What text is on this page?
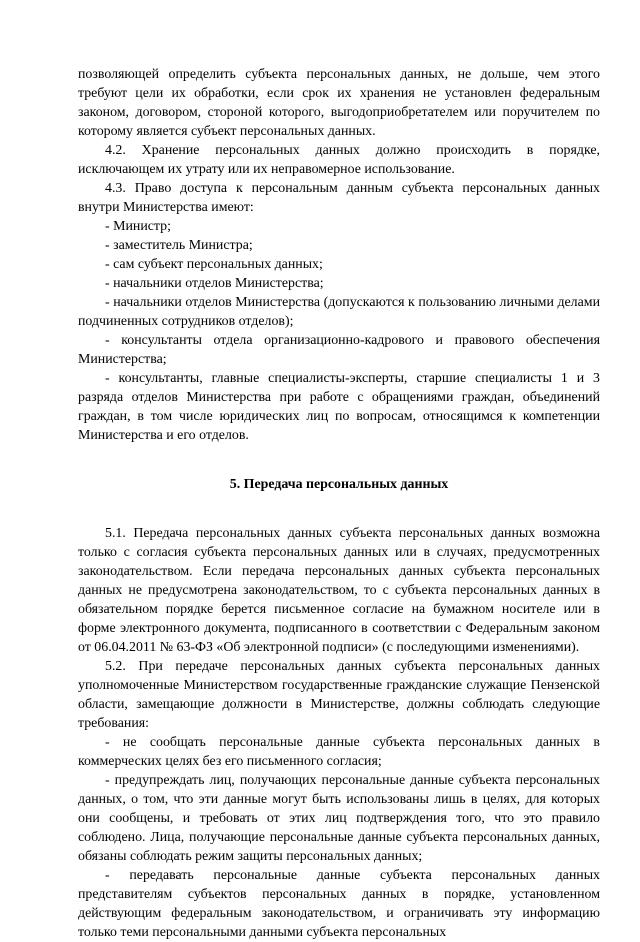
позволяющей определить субъекта персональных данных, не дольше, чем этого требуют цели их обработки, если срок их хранения не установлен федеральным законом, договором, стороной которого, выгодоприобретателем или поручителем по которому является субъект персональных данных.

4.2. Хранение персональных данных должно происходить в порядке, исключающем их утрату или их неправомерное использование.

4.3. Право доступа к персональным данным субъекта персональных данных внутри Министерства имеют:

- Министр;

- заместитель Министра;

- сам субъект персональных данных;

- начальники отделов Министерства;

- начальники отделов Министерства (допускаются к пользованию личными делами подчиненных сотрудников отделов);

- консультанты отдела организационно-кадрового и правового обеспечения Министерства;

- консультанты, главные специалисты-эксперты, старшие специалисты 1 и 3 разряда отделов Министерства при работе с обращениями граждан, объединений граждан, в том числе юридических лиц по вопросам, относящимся к компетенции Министерства и его отделов.

5. Передача персональных данных

5.1. Передача персональных данных субъекта персональных данных возможна только с согласия субъекта персональных данных или в случаях, предусмотренных законодательством. Если передача персональных данных субъекта персональных данных не предусмотрена законодательством, то с субъекта персональных данных в обязательном порядке берется письменное согласие на бумажном носителе или в форме электронного документа, подписанного в соответствии с Федеральным законом от 06.04.2011 № 63-ФЗ «Об электронной подписи» (с последующими изменениями).

5.2. При передаче персональных данных субъекта персональных данных уполномоченные Министерством государственные гражданские служащие Пензенской области, замещающие должности в Министерстве, должны соблюдать следующие требования:

- не сообщать персональные данные субъекта персональных данных в коммерческих целях без его письменного согласия;

- предупреждать лиц, получающих персональные данные субъекта персональных данных, о том, что эти данные могут быть использованы лишь в целях, для которых они сообщены, и требовать от этих лиц подтверждения того, что это правило соблюдено. Лица, получающие персональные данные субъекта персональных данных, обязаны соблюдать режим защиты персональных данных;

- передавать персональные данные субъекта персональных данных представителям субъектов персональных данных в порядке, установленном действующим федеральным законодательством, и ограничивать эту информацию только теми персональными данными субъекта персональных
